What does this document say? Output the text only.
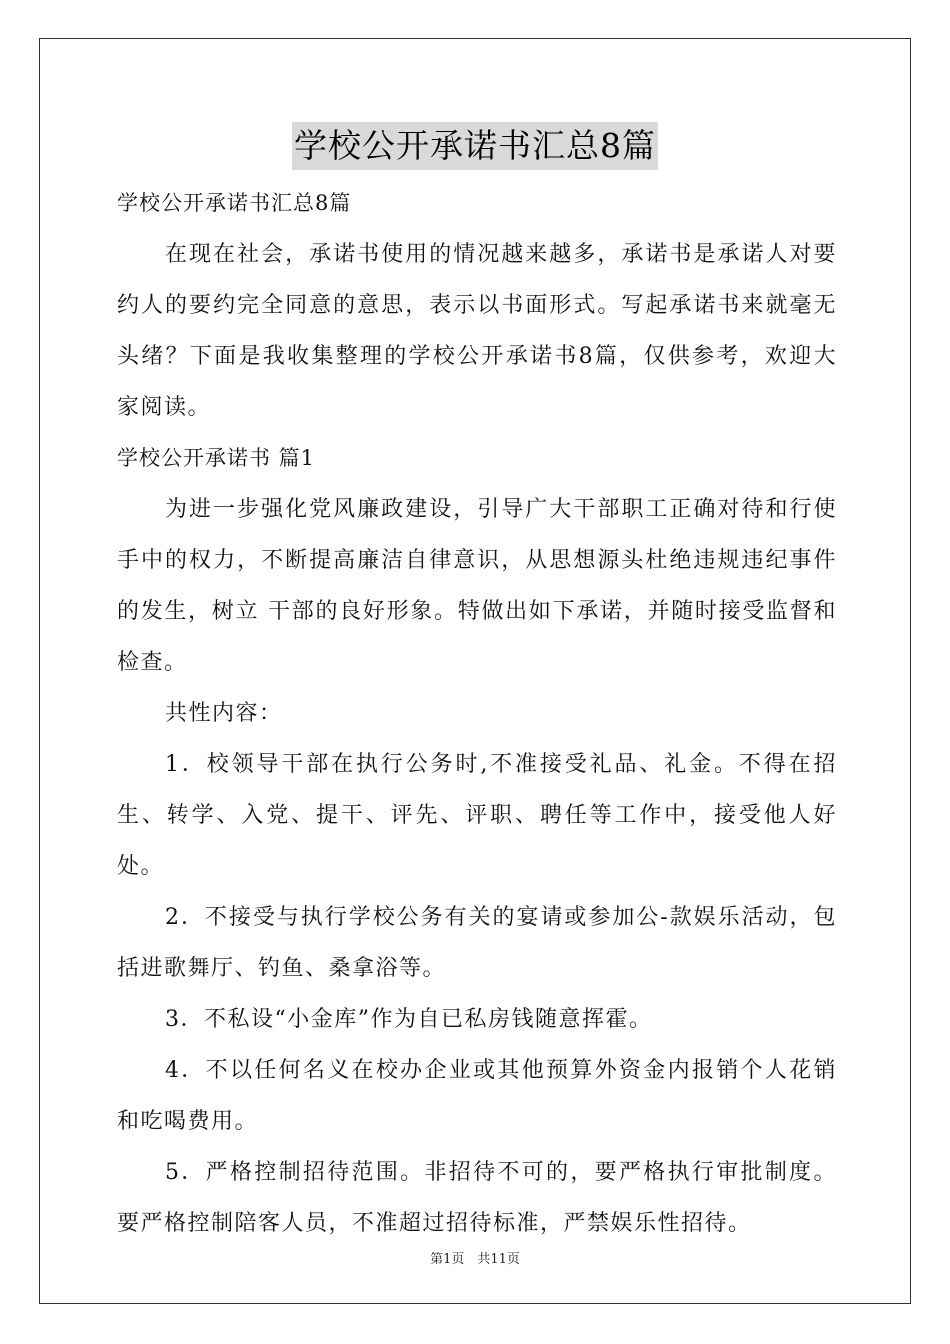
学校公开承诺书汇总8篇

学校公开承诺书汇总8篇

在现在社会，承诺书使用的情况越来越多，承诺书是承诺人对要约人的要约完全同意的意思，表示以书面形式。写起承诺书来就毫无头绪？下面是我收集整理的学校公开承诺书8篇，仅供参考，欢迎大家阅读。

学校公开承诺书 篇1

为进一步强化党风廉政建设，引导广大干部职工正确对待和行使手中的权力，不断提高廉洁自律意识，从思想源头杜绝违规违纪事件的发生，树立 干部的良好形象。特做出如下承诺，并随时接受监督和检查。

共性内容：

1．校领导干部在执行公务时,不准接受礼品、礼金。不得在招生、转学、入党、提干、评先、评职、聘任等工作中，接受他人好处。

2．不接受与执行学校公务有关的宴请或参加公-款娱乐活动，包括进歌舞厅、钓鱼、桑拿浴等。

3．不私设“小金库”作为自已私房钱随意挥霍。

4．不以任何名义在校办企业或其他预算外资金内报销个人花销和吃喝费用。

5．严格控制招待范围。非招待不可的，要严格执行审批制度。要严格控制陪客人员，不准超过招待标准，严禁娱乐性招待。

第1页　共11页
